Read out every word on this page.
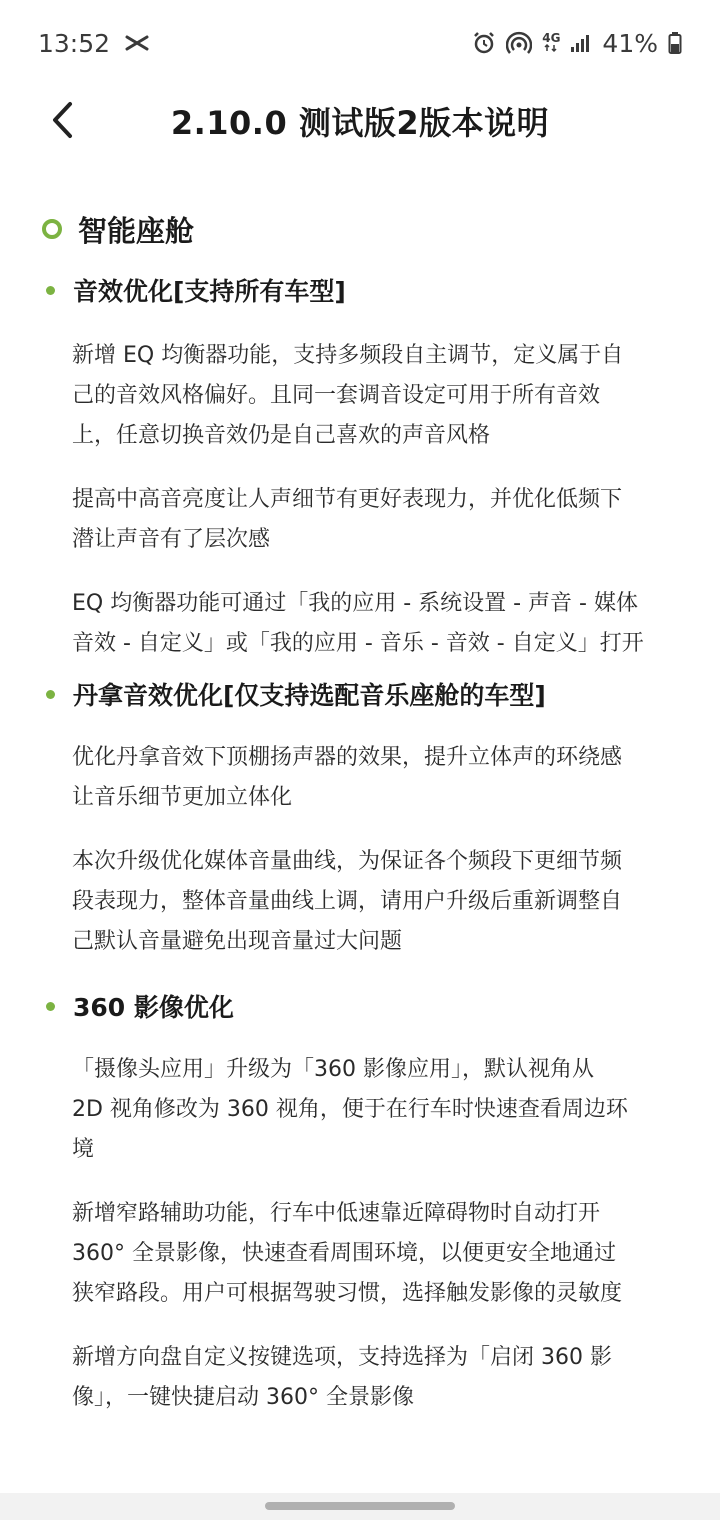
13:52	4G 41%
2.10.0 测试版2版本说明
智能座舱
音效优化[支持所有车型]
新增 EQ 均衡器功能，支持多频段自主调节，定义属于自
己的音效风格偏好。且同一套调音设定可用于所有音效
上，任意切换音效仍是自己喜欢的声音风格
提高中高音亮度让人声细节有更好表现力，并优化低频下
潜让声音有了层次感
EQ 均衡器功能可通过「我的应用 - 系统设置 - 声音 - 媒体
音效 - 自定义」或「我的应用 - 音乐 - 音效 - 自定义」打开
丹拿音效优化[仅支持选配音乐座舱的车型]
优化丹拿音效下顶棚扬声器的效果，提升立体声的环绕感
让音乐细节更加立体化
本次升级优化媒体音量曲线，为保证各个频段下更细节频
段表现力，整体音量曲线上调，请用户升级后重新调整自
己默认音量避免出现音量过大问题
360 影像优化
「摄像头应用」升级为「360 影像应用」，默认视角从
2D 视角修改为 360 视角，便于在行车时快速查看周边环
境
新增窄路辅助功能，行车中低速靠近障碍物时自动打开
360° 全景影像，快速查看周围环境，以便更安全地通过
狭窄路段。用户可根据驾驶习惯，选择触发影像的灵敏度
新增方向盘自定义按键选项，支持选择为「启闭 360 影
像」，一键快捷启动 360° 全景影像
